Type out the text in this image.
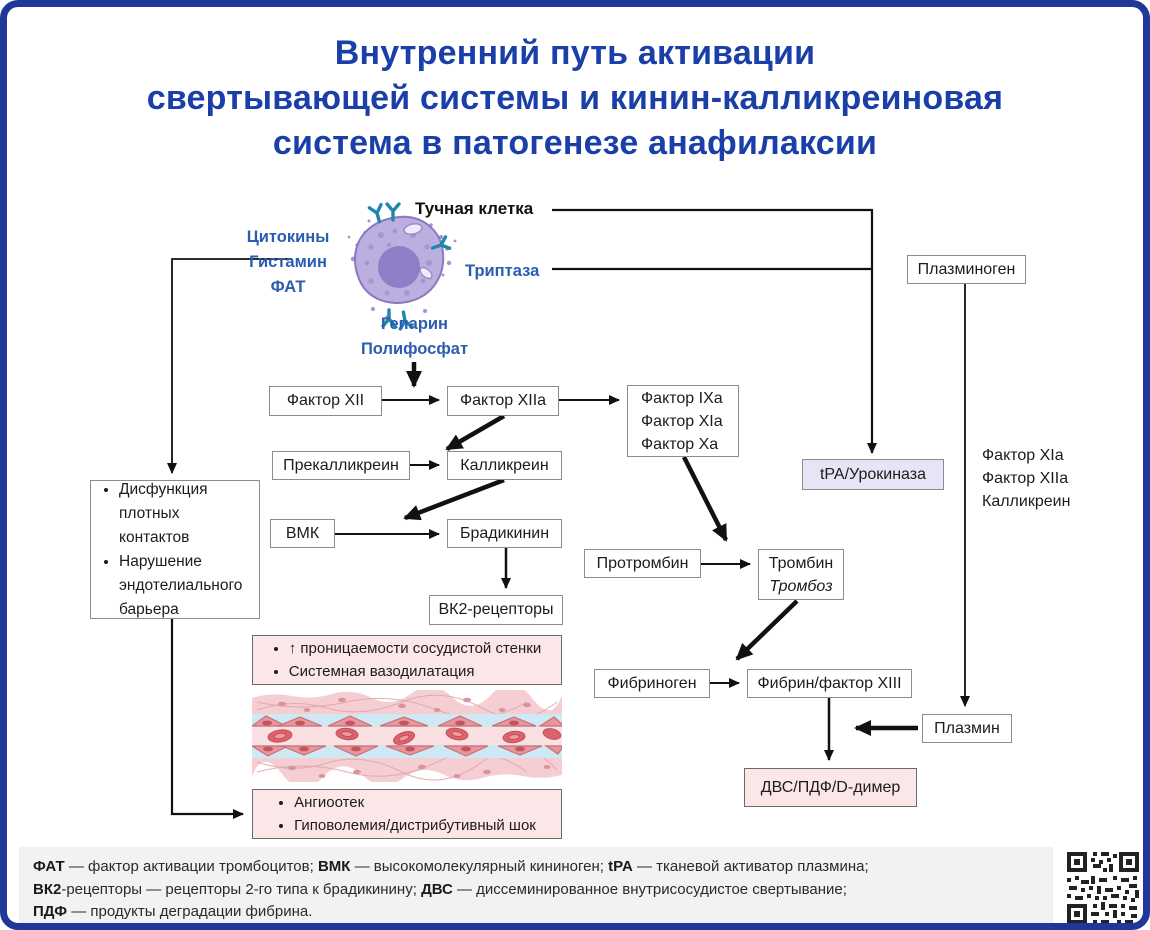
Внутренний путь активации
свертывающей системы и кинин-калликреиновая
система в патогенезе анафилаксии
Тучная клетка
Цитокины
Гистамин
ФАТ
Триптаза
Гепарин
Полифосфат
Фактор XII	Фактор XIIa	Фактор IXa
Фактор XIa
Фактор Xa
Прекалликреин	Калликреин
ВМК	Брадикинин
ВК2-рецепторы
• Дисфункция плотных контактов
• Нарушение эндотелиального барьера
• ↑ проницаемости сосудистой стенки
• Системная вазодилатация
Плазминоген
tPA/Урокиназа
Фактор XIa
Фактор XIIa
Калликреин
Протромбин	Тромбин
Тромбоз
Фибриноген	Фибрин/фактор XIII
Плазмин
ДВС/ПДФ/D-димер
• Ангиоотек
• Гиповолемия/дистрибутивный шок
ФАТ — фактор активации тромбоцитов; ВМК — высокомолекулярный кининоген; tPA — тканевой активатор плазмина;
ВК2-рецепторы — рецепторы 2-го типа к брадикинину; ДВС — диссеминированное внутрисосудистое свертывание;
ПДФ — продукты деградации фибрина.
